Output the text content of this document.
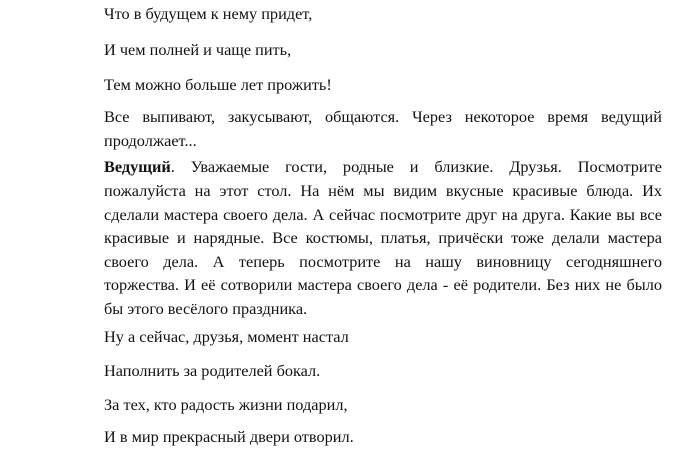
Что в будущем к нему придет,

И чем полней и чаще пить,

Тем можно больше лет прожить!

Все выпивают, закусывают, общаются. Через некоторое время ведущий
продолжает...
Ведущий. Уважаемые гости, родные и близкие. Друзья. Посмотрите
пожалуйста на этот стол. На нём мы видим вкусные красивые блюда. Их
сделали мастера своего дела. А сейчас посмотрите друг на друга. Какие вы все
красивые и нарядные. Все костюмы, платья, причёски тоже делали мастера
своего дела. А теперь посмотрите на нашу виновницу сегодняшнего
торжества. И её сотворили мастера своего дела - её родители. Без них не было
бы этого весёлого праздника.

Ну а сейчас, друзья, момент настал

Наполнить за родителей бокал.

За тех, кто радость жизни подарил,

И в мир прекрасный двери отворил.
